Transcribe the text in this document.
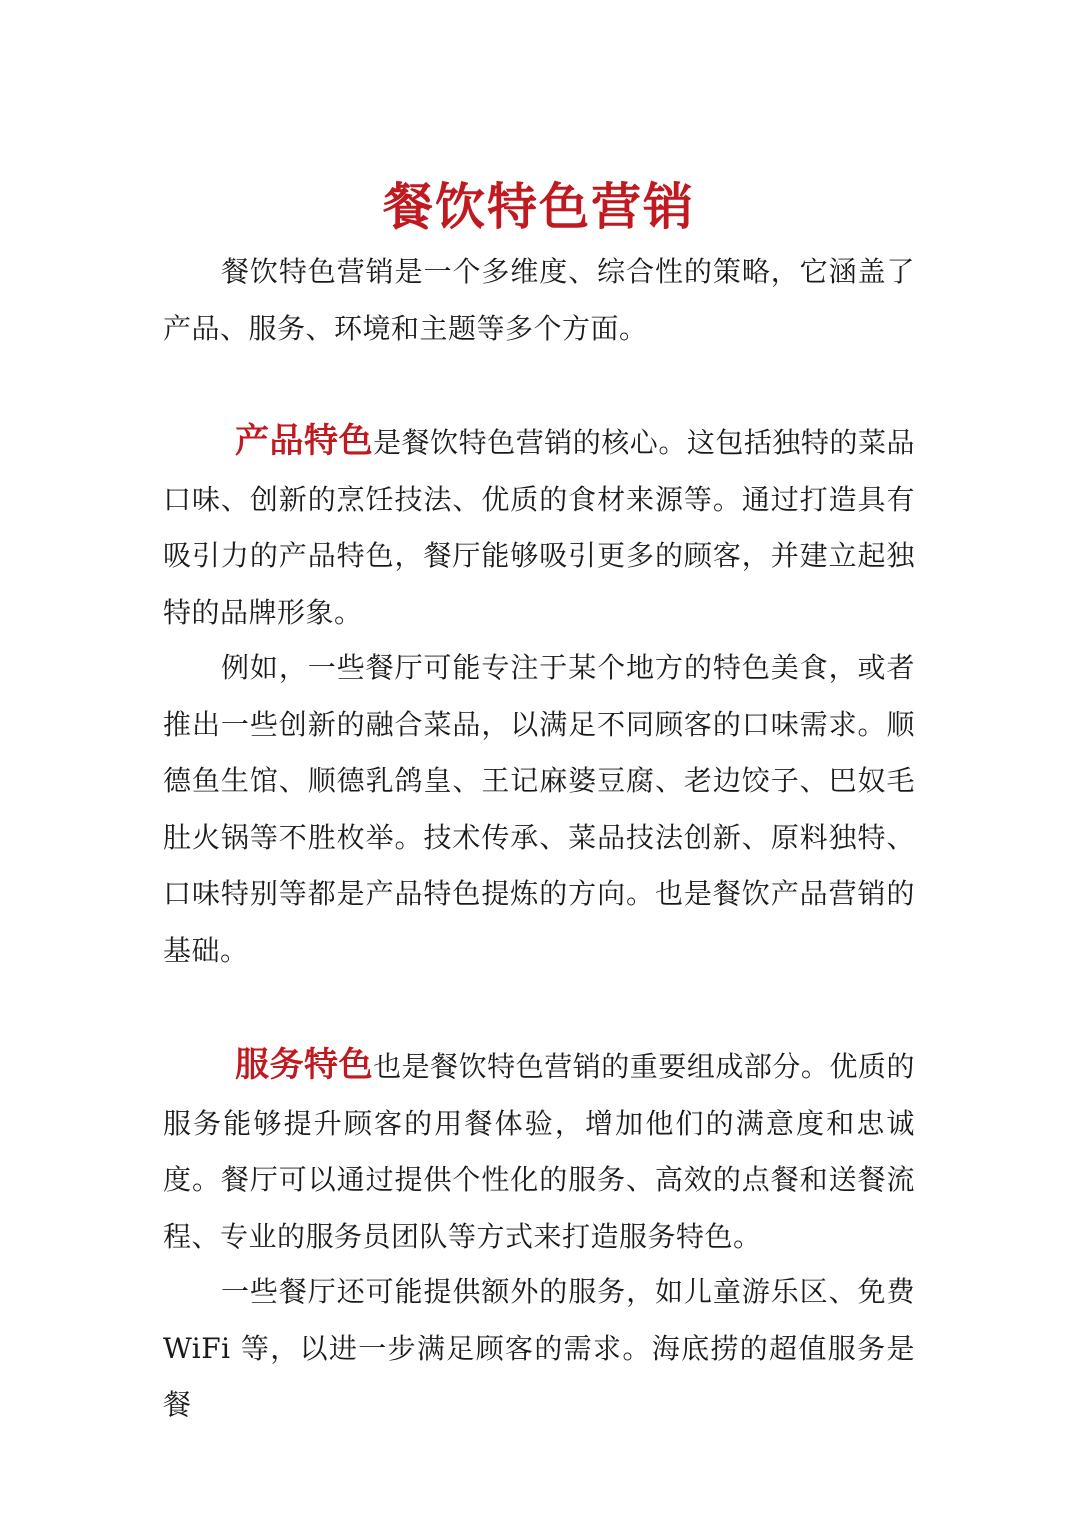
餐饮特色营销

餐饮特色营销是一个多维度、综合性的策略，它涵盖了产品、服务、环境和主题等多个方面。

产品特色是餐饮特色营销的核心。这包括独特的菜品口味、创新的烹饪技法、优质的食材来源等。通过打造具有吸引力的产品特色，餐厅能够吸引更多的顾客，并建立起独特的品牌形象。

例如，一些餐厅可能专注于某个地方的特色美食，或者推出一些创新的融合菜品，以满足不同顾客的口味需求。顺德鱼生馆、顺德乳鸽皇、王记麻婆豆腐、老边饺子、巴奴毛肚火锅等不胜枚举。技术传承、菜品技法创新、原料独特、口味特别等都是产品特色提炼的方向。也是餐饮产品营销的基础。

服务特色也是餐饮特色营销的重要组成部分。优质的服务能够提升顾客的用餐体验，增加他们的满意度和忠诚度。餐厅可以通过提供个性化的服务、高效的点餐和送餐流程、专业的服务员团队等方式来打造服务特色。

一些餐厅还可能提供额外的服务，如儿童游乐区、免费WiFi 等，以进一步满足顾客的需求。海底捞的超值服务是餐
